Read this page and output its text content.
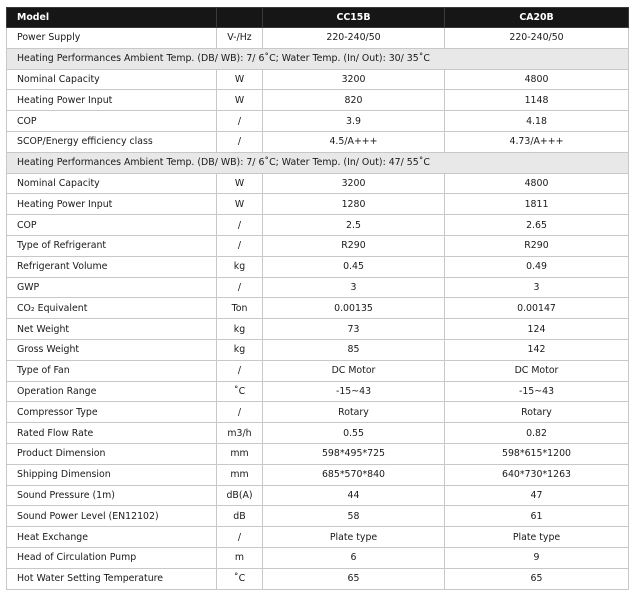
Model		CC15B	CA20B
Power Supply	V-/Hz	220-240/50	220-240/50
Heating Performances Ambient Temp. (DB/ WB): 7/ 6˚C; Water Temp. (In/ Out): 30/ 35˚C			
Nominal Capacity	W	3200	4800
Heating Power Input	W	820	1148
COP	/	3.9	4.18
SCOP/Energy efficiency class	/	4.5/A+++	4.73/A+++
Heating Performances Ambient Temp. (DB/ WB): 7/ 6˚C; Water Temp. (In/ Out): 47/ 55˚C			
Nominal Capacity	W	3200	4800
Heating Power Input	W	1280	1811
COP	/	2.5	2.65
Type of Refrigerant	/	R290	R290
Refrigerant Volume	kg	0.45	0.49
GWP	/	3	3
CO₂ Equivalent	Ton	0.00135	0.00147
Net Weight	kg	73	124
Gross Weight	kg	85	142
Type of Fan	/	DC Motor	DC Motor
Operation Range	˚C	-15~43	-15~43
Compressor Type	/	Rotary	Rotary
Rated Flow Rate	m3/h	0.55	0.82
Product Dimension	mm	598*495*725	598*615*1200
Shipping Dimension	mm	685*570*840	640*730*1263
Sound Pressure (1m)	dB(A)	44	47
Sound Power Level (EN12102)	dB	58	61
Heat Exchange	/	Plate type	Plate type
Head of Circulation Pump	m	6	9
Hot Water Setting Temperature	˚C	65	65
